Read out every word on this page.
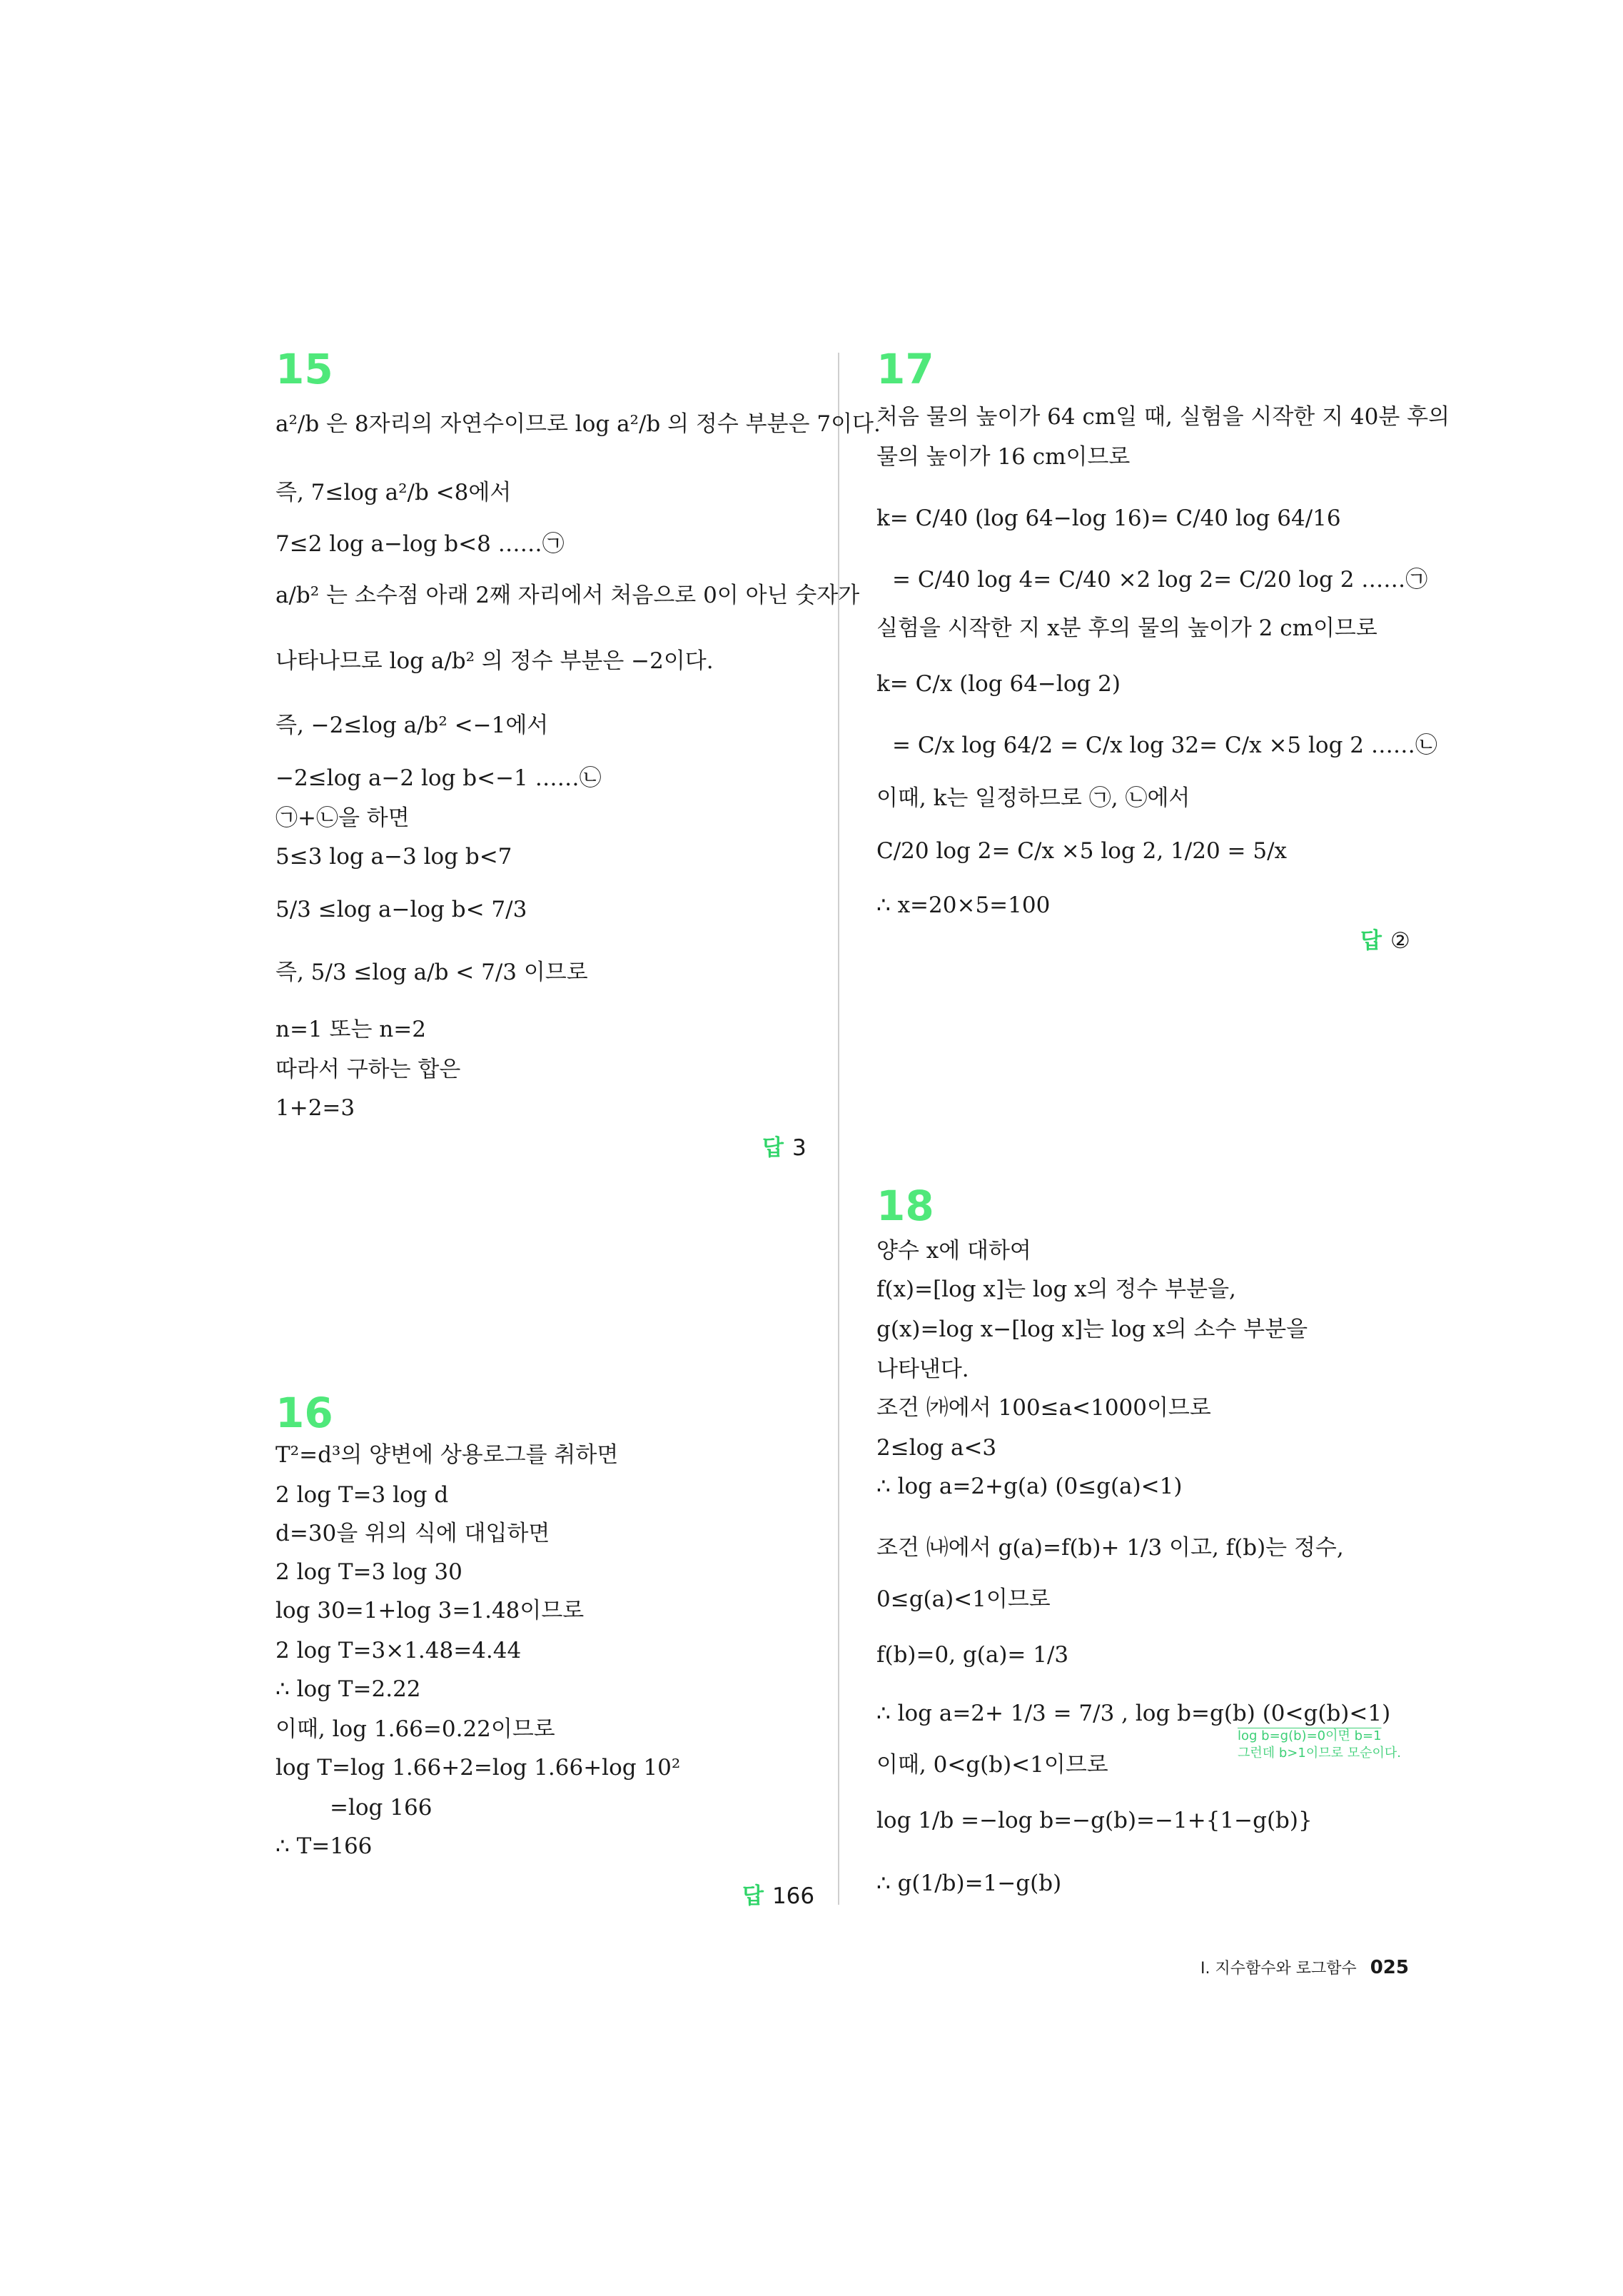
15
a²/b 은 8자리의 자연수이므로 log a²/b 의 정수 부분은 7이다.
즉, 7≤log a²/b <8에서
7≤2 log a−log b<8 ……㉠
a/b² 는 소수점 아래 2째 자리에서 처음으로 0이 아닌 숫자가
나타나므로 log a/b² 의 정수 부분은 −2이다.
즉, −2≤log a/b² <−1에서
−2≤log a−2 log b<−1 ……㉡
㉠+㉡을 하면
5≤3 log a−3 log b<7
5/3 ≤log a−log b< 7/3
즉, 5/3 ≤log a/b < 7/3 이므로
n=1 또는 n=2
따라서 구하는 합은
1+2=3
답 3
16
T²=d³의 양변에 상용로그를 취하면
2 log T=3 log d
d=30을 위의 식에 대입하면
2 log T=3 log 30
log 30=1+log 3=1.48이므로
2 log T=3×1.48=4.44
∴ log T=2.22
이때, log 1.66=0.22이므로
log T=log 1.66+2=log 1.66+log 10²
=log 166
∴ T=166
답 166
17
처음 물의 높이가 64 cm일 때, 실험을 시작한 지 40분 후의
물의 높이가 16 cm이므로
k= C/40 (log 64−log 16)= C/40 log 64/16
= C/40 log 4= C/40 ×2 log 2= C/20 log 2 ……㉠
실험을 시작한 지 x분 후의 물의 높이가 2 cm이므로
k= C/x (log 64−log 2)
= C/x log 64/2 = C/x log 32= C/x ×5 log 2 ……㉡
이때, k는 일정하므로 ㉠, ㉡에서
C/20 log 2= C/x ×5 log 2, 1/20 = 5/x
∴ x=20×5=100
답 ②
18
양수 x에 대하여
f(x)=[log x]는 log x의 정수 부분을,
g(x)=log x−[log x]는 log x의 소수 부분을
나타낸다.
조건 ㈎에서 100≤a<1000이므로
2≤log a<3
∴ log a=2+g(a) (0≤g(a)<1)
조건 ㈏에서 g(a)=f(b)+ 1/3 이고, f(b)는 정수,
0≤g(a)<1이므로
f(b)=0, g(a)= 1/3
∴ log a=2+ 1/3 = 7/3 , log b=g(b) (0<g(b)<1)
이때, 0<g(b)<1이므로
log 1/b =−log b=−g(b)=−1+{1−g(b)}
∴ g(1/b)=1−g(b)
log b=g(b)=0이면 b=1
그런데 b>1이므로 모순이다.
Ⅰ. 지수함수와 로그함수 025
